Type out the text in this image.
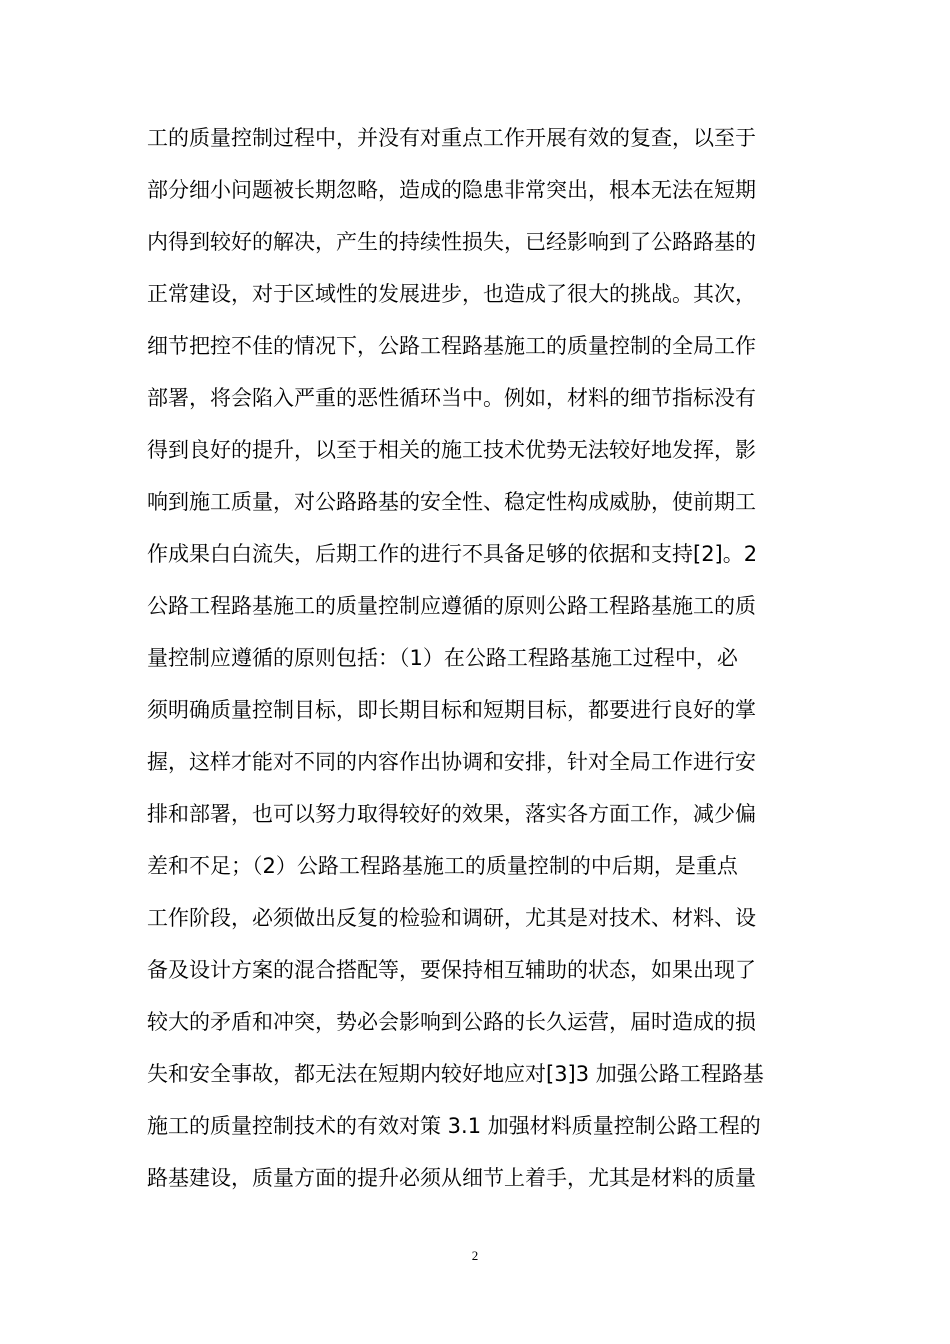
工的质量控制过程中，并没有对重点工作开展有效的复查，以至于
部分细小问题被长期忽略，造成的隐患非常突出，根本无法在短期
内得到较好的解决，产生的持续性损失，已经影响到了公路路基的
正常建设，对于区域性的发展进步，也造成了很大的挑战。其次，
细节把控不佳的情况下，公路工程路基施工的质量控制的全局工作
部署，将会陷入严重的恶性循环当中。例如，材料的细节指标没有
得到良好的提升，以至于相关的施工技术优势无法较好地发挥，影
响到施工质量，对公路路基的安全性、稳定性构成威胁，使前期工
作成果白白流失，后期工作的进行不具备足够的依据和支持[2]。2
公路工程路基施工的质量控制应遵循的原则公路工程路基施工的质
量控制应遵循的原则包括：（1）在公路工程路基施工过程中，必
须明确质量控制目标，即长期目标和短期目标，都要进行良好的掌
握，这样才能对不同的内容作出协调和安排，针对全局工作进行安
排和部署，也可以努力取得较好的效果，落实各方面工作，减少偏
差和不足；（2）公路工程路基施工的质量控制的中后期，是重点
工作阶段，必须做出反复的检验和调研，尤其是对技术、材料、设
备及设计方案的混合搭配等，要保持相互辅助的状态，如果出现了
较大的矛盾和冲突，势必会影响到公路的长久运营，届时造成的损
失和安全事故，都无法在短期内较好地应对[3]3 加强公路工程路基
施工的质量控制技术的有效对策 3.1 加强材料质量控制公路工程的
路基建设，质量方面的提升必须从细节上着手，尤其是材料的质量
2
